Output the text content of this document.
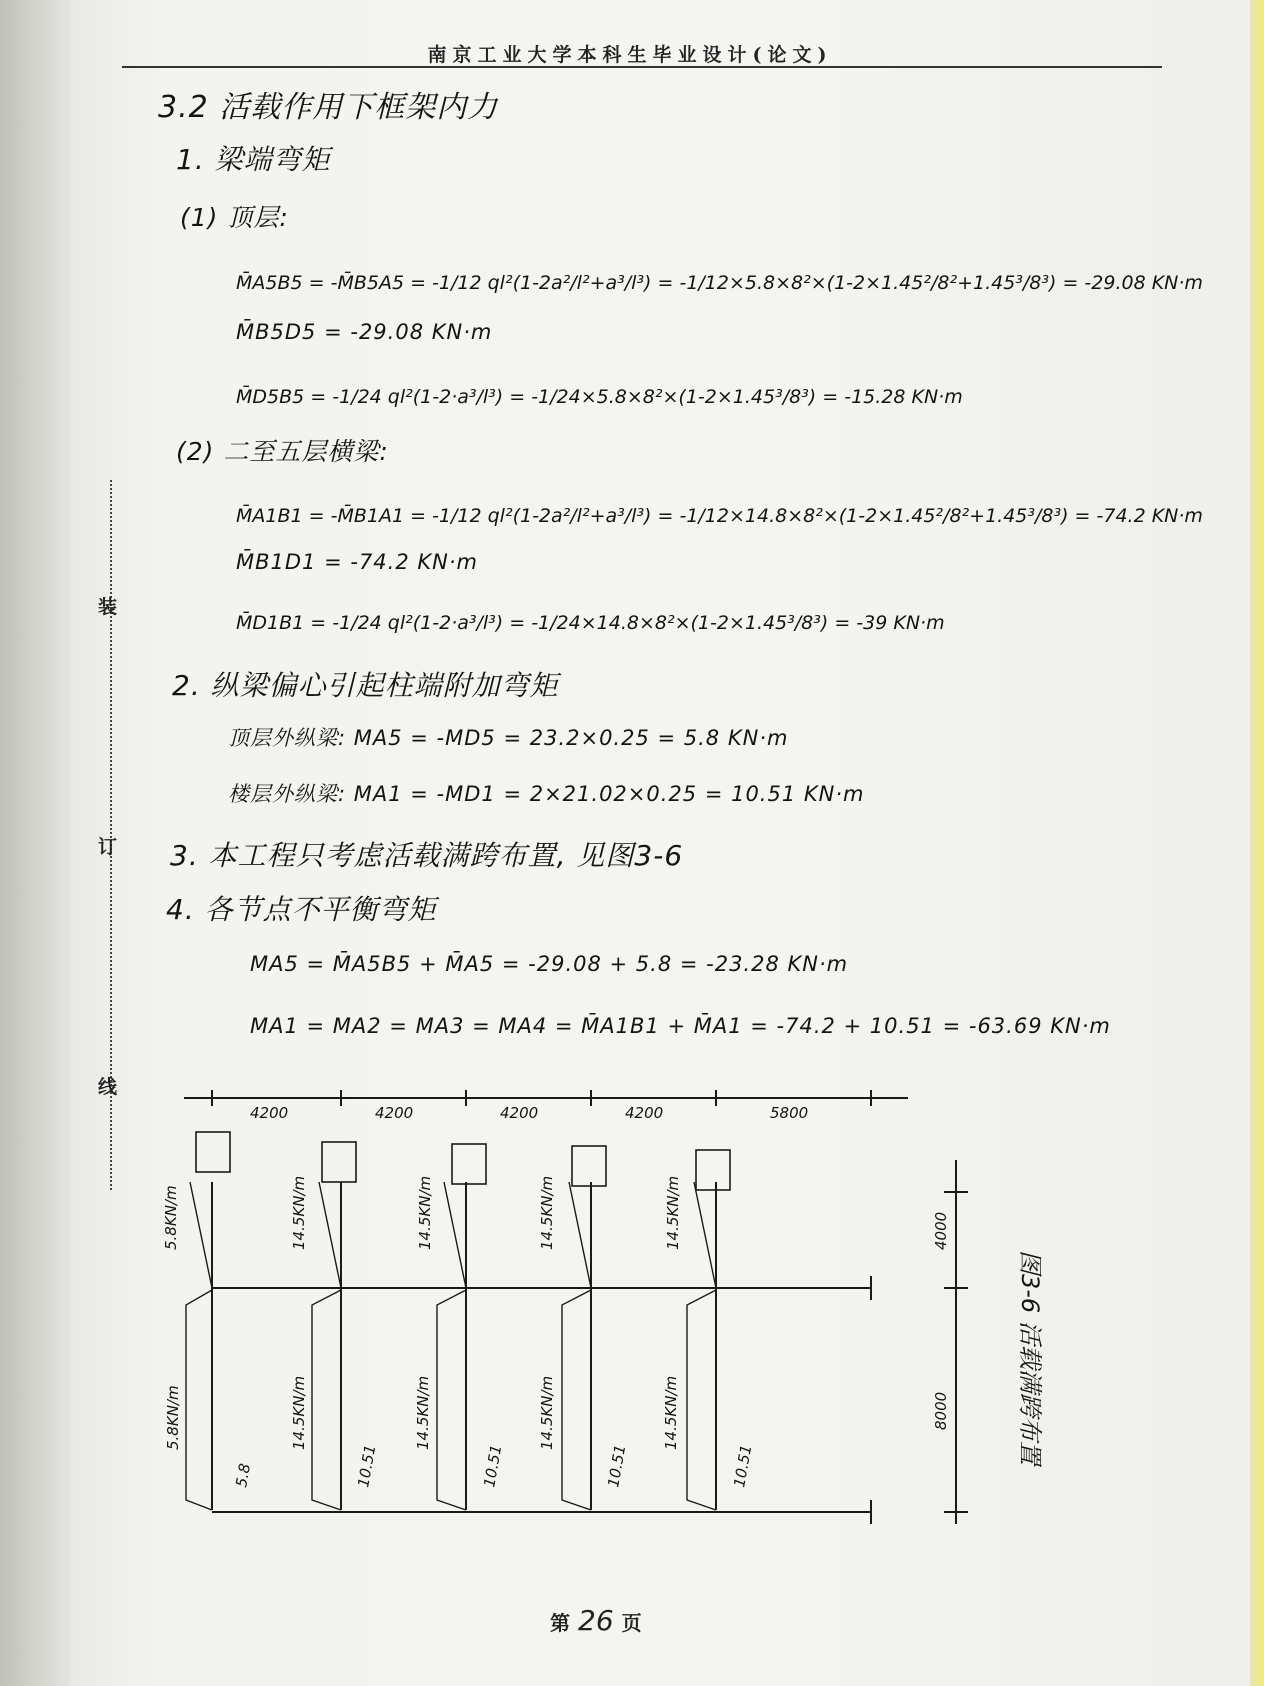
南京工业大学本科生毕业设计(论文)
装
订
线
3.2 活载作用下框架内力
1. 梁端弯矩
(1) 顶层:
M̄A5B5 = -M̄B5A5 = -1/12 ql²(1-2a²/l²+a³/l³) = -1/12×5.8×8²×(1-2×1.45²/8²+1.45³/8³) = -29.08 KN·m
M̄B5D5 = -29.08 KN·m
M̄D5B5 = -1/24 ql²(1-2·a³/l³) = -1/24×5.8×8²×(1-2×1.45³/8³) = -15.28 KN·m
(2) 二至五层横梁:
M̄A1B1 = -M̄B1A1 = -1/12 ql²(1-2a²/l²+a³/l³) = -1/12×14.8×8²×(1-2×1.45²/8²+1.45³/8³) = -74.2 KN·m
M̄B1D1 = -74.2 KN·m
M̄D1B1 = -1/24 ql²(1-2·a³/l³) = -1/24×14.8×8²×(1-2×1.45³/8³) = -39 KN·m
2. 纵梁偏心引起柱端附加弯矩
顶层外纵梁: MA5 = -MD5 = 23.2×0.25 = 5.8 KN·m
楼层外纵梁: MA1 = -MD1 = 2×21.02×0.25 = 10.51 KN·m
3. 本工程只考虑活载满跨布置, 见图3-6
4. 各节点不平衡弯矩
MA5 = M̄A5B5 + M̄A5 = -29.08 + 5.8 = -23.28 KN·m
MA1 = MA2 = MA3 = MA4 = M̄A1B1 + M̄A1 = -74.2 + 10.51 = -63.69 KN·m
4200	4200	4200	4200	5800
4000
8000
5.8KN/m	14.5KN/m	14.5KN/m	14.5KN/m	14.5KN/m
5.8KN/m	14.5KN/m	14.5KN/m	14.5KN/m	14.5KN/m
5.8	10.51	10.51	10.51	10.51
图3-6 活载满跨布置
第 26 页
